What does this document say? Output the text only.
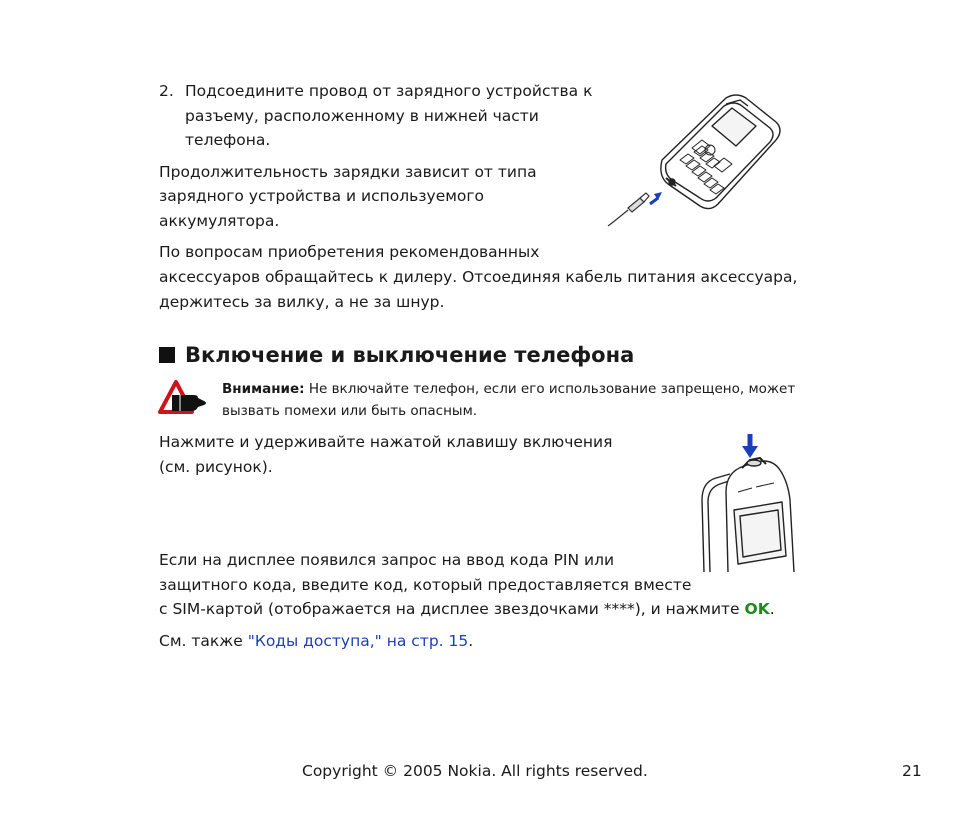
2. Подсоедините провод от зарядного устройства к
разъему, расположенному в нижней части
телефона.
Продолжительность зарядки зависит от типа
зарядного устройства и используемого
аккумулятора.
По вопросам приобретения рекомендованных
аксессуаров обращайтесь к дилеру. Отсоединяя кабель питания аксессуара,
держитесь за вилку, а не за шнур.
Включение и выключение телефона
Внимание: Не включайте телефон, если его использование запрещено, может
вызвать помехи или быть опасным.
Нажмите и удерживайте нажатой клавишу включения
(см. рисунок).
Если на дисплее появился запрос на ввод кода PIN или
защитного кода, введите код, который предоставляется вместе
с SIM-картой (отображается на дисплее звездочками ****), и нажмите OK.
См. также "Коды доступа," на стр. 15.
Copyright © 2005 Nokia. All rights reserved.	21
